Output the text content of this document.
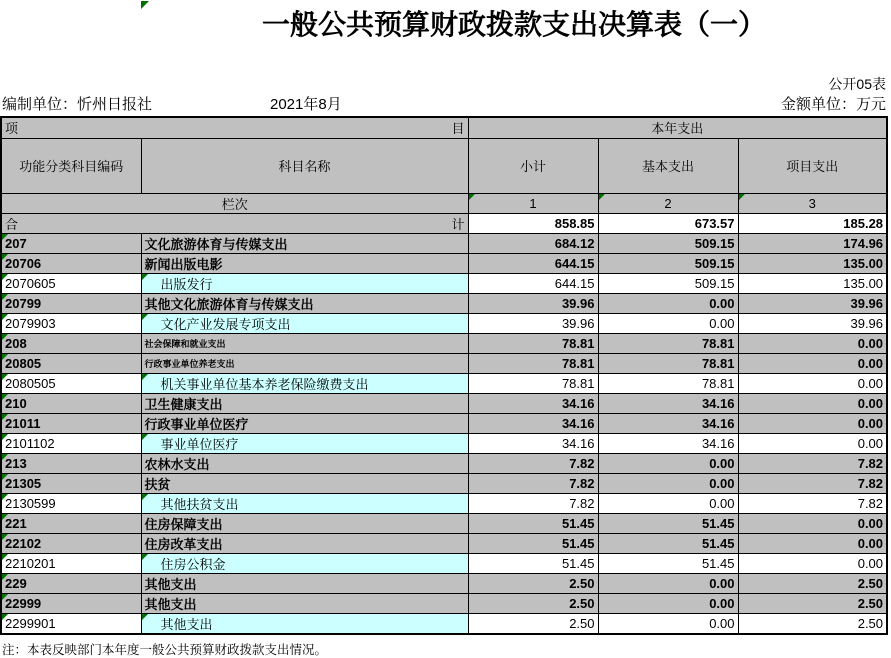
一般公共预算财政拨款支出决算表（一）
公开05表
编制单位：忻州日报社	2021年8月	金额单位：万元
项 目		本年支出		
功能分类科目编码	科目名称	小计	基本支出	项目支出
栏次		1	2	3

合 计		858.85	673.57	185.28
207	文化旅游体育与传媒支出	684.12	509.15	174.96
20706	新闻出版电影	644.15	509.15	135.00
2070605	出版发行	644.15	509.15	135.00
20799	其他文化旅游体育与传媒支出	39.96	0.00	39.96
2079903	文化产业发展专项支出	39.96	0.00	39.96
208	社会保障和就业支出	78.81	78.81	0.00
20805	行政事业单位养老支出	78.81	78.81	0.00
2080505	机关事业单位基本养老保险缴费支出	78.81	78.81	0.00
210	卫生健康支出	34.16	34.16	0.00
21011	行政事业单位医疗	34.16	34.16	0.00
2101102	事业单位医疗	34.16	34.16	0.00
213	农林水支出	7.82	0.00	7.82
21305	扶贫	7.82	0.00	7.82
2130599	其他扶贫支出	7.82	0.00	7.82
221	住房保障支出	51.45	51.45	0.00
22102	住房改革支出	51.45	51.45	0.00
2210201	住房公积金	51.45	51.45	0.00
229	其他支出	2.50	0.00	2.50
22999	其他支出	2.50	0.00	2.50
2299901	其他支出	2.50	0.00	2.50
注：本表反映部门本年度一般公共预算财政拨款支出情况。
